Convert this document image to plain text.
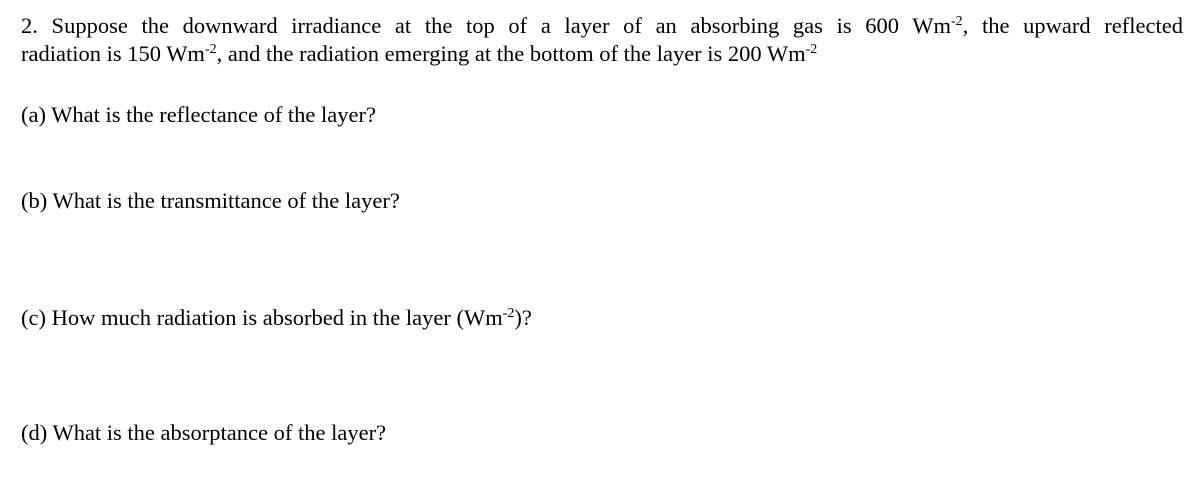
2. Suppose the downward irradiance at the top of a layer of an absorbing gas is 600 $Wm^{-2}$, the upward reflected
radiation is 150 $Wm^{-2}$, and the radiation emerging at the bottom of the layer is 200 $Wm^{-2}$

(a) What is the reflectance of the layer?

(b) What is the transmittance of the layer?

(c) How much radiation is absorbed in the layer $(Wm^{-2})$?

(d) What is the absorptance of the layer?
